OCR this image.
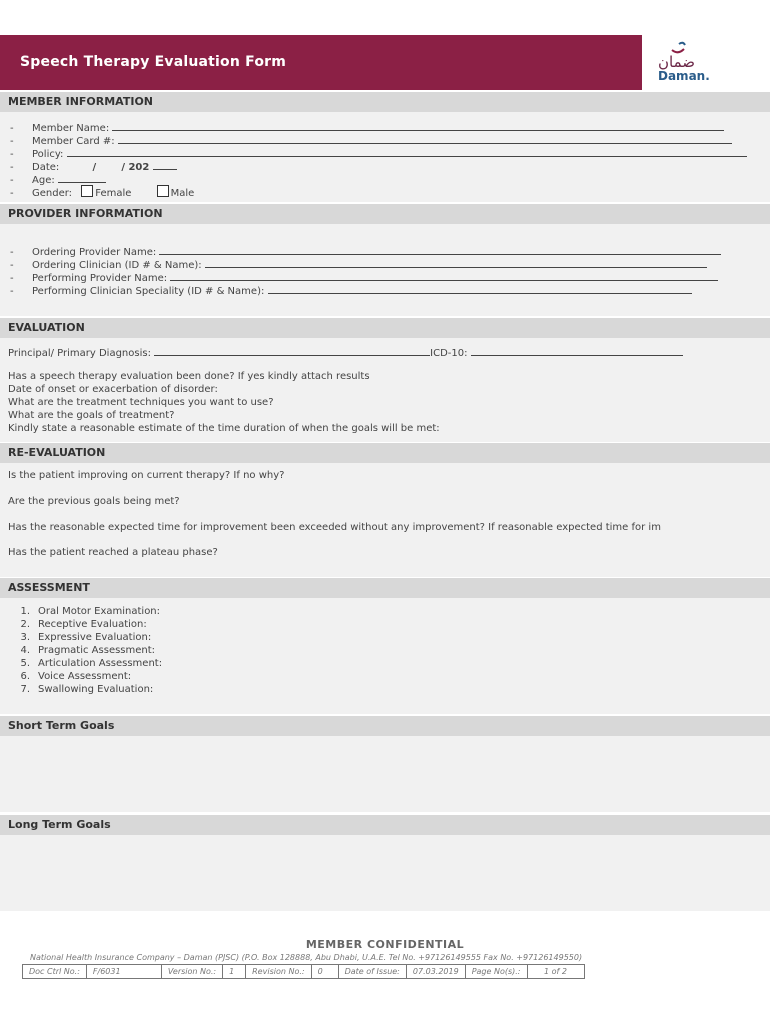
Speech Therapy Evaluation Form	ضمان
Daman.
MEMBER INFORMATION
- Member Name:
- Member Card #:
- Policy:
- Date:	/	/ 202
- Age:
- Gender: Female	Male
PROVIDER INFORMATION
- Ordering Provider Name:
- Ordering Clinician (ID # & Name):
- Performing Provider Name:
- Performing Clinician Speciality (ID # & Name):
EVALUATION
Principal/ Primary Diagnosis:	ICD-10:
Has a speech therapy evaluation been done? If yes kindly attach results
Date of onset or exacerbation of disorder:
What are the treatment techniques you want to use?
What are the goals of treatment?
Kindly state a reasonable estimate of the time duration of when the goals will be met:
RE-EVALUATION
Is the patient improving on current therapy? If no why?
Are the previous goals being met?
Has the reasonable expected time for improvement been exceeded without any improvement? If reasonable expected time for im
Has the patient reached a plateau phase?
ASSESSMENT
1. Oral Motor Examination:
2. Receptive Evaluation:
3. Expressive Evaluation:
4. Pragmatic Assessment:
5. Articulation Assessment:
6. Voice Assessment:
7. Swallowing Evaluation:
Short Term Goals
Long Term Goals
MEMBER CONFIDENTIAL
National Health Insurance Company – Daman (PJSC) (P.O. Box 128888, Abu Dhabi, U.A.E. Tel No. +97126149555 Fax No. +97126149550)
Doc Ctrl No.:	F/6031	Version No.:	1	Revision No.:	0	Date of Issue:	07.03.2019	Page No(s).:	1 of 2
